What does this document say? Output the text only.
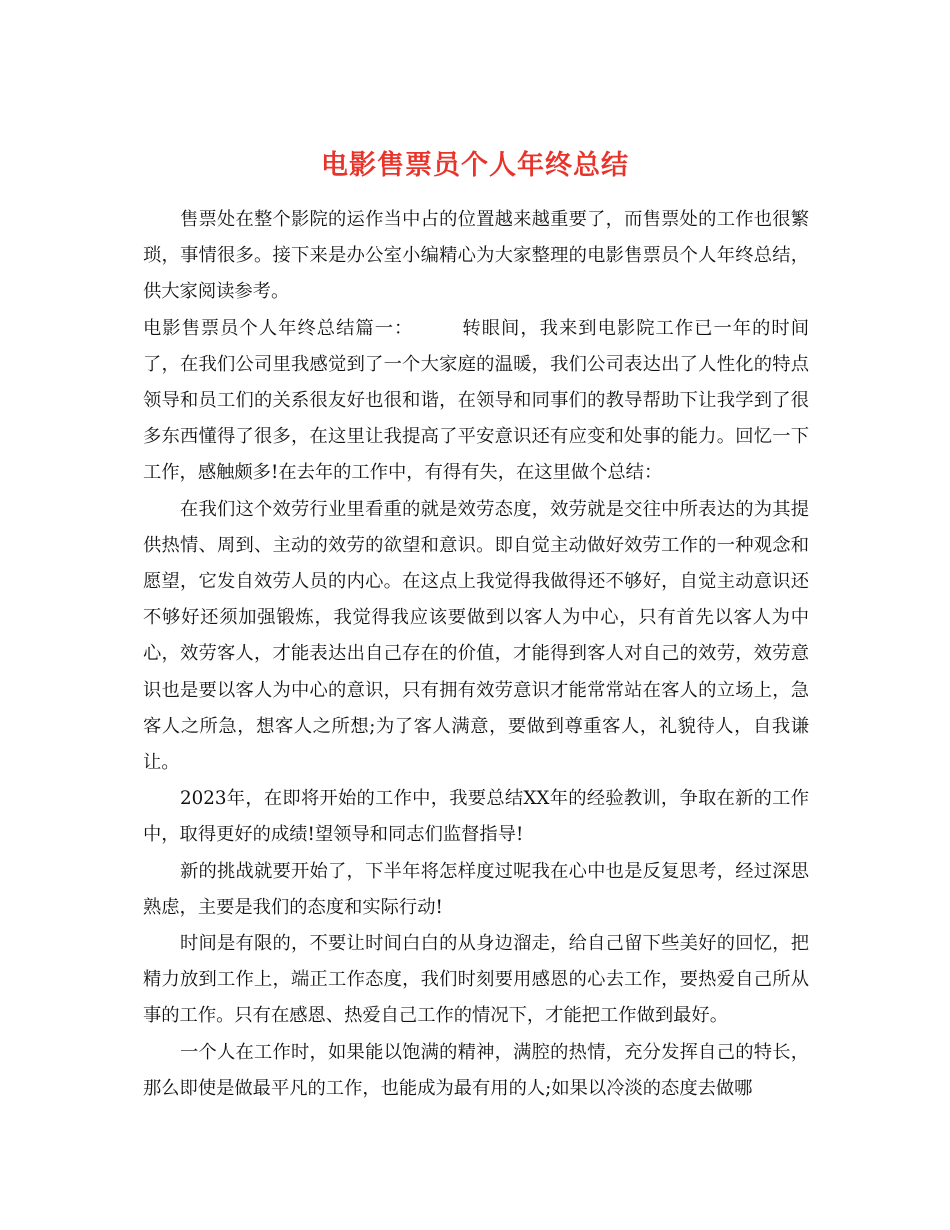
电影售票员个人年终总结

售票处在整个影院的运作当中占的位置越来越重要了，而售票处的工作也很繁琐，事情很多。接下来是办公室小编精心为大家整理的电影售票员个人年终总结，供大家阅读参考。

电影售票员个人年终总结篇一：	转眼间，我来到电影院工作已一年的时间了，在我们公司里我感觉到了一个大家庭的温暖，我们公司表达出了人性化的特点领导和员工们的关系很友好也很和谐，在领导和同事们的教导帮助下让我学到了很多东西懂得了很多，在这里让我提高了平安意识还有应变和处事的能力。回忆一下工作，感触颇多!在去年的工作中，有得有失，在这里做个总结：

在我们这个效劳行业里看重的就是效劳态度，效劳就是交往中所表达的为其提供热情、周到、主动的效劳的欲望和意识。即自觉主动做好效劳工作的一种观念和愿望，它发自效劳人员的内心。在这点上我觉得我做得还不够好，自觉主动意识还不够好还须加强锻炼，我觉得我应该要做到以客人为中心，只有首先以客人为中心，效劳客人，才能表达出自己存在的价值，才能得到客人对自己的效劳，效劳意识也是要以客人为中心的意识，只有拥有效劳意识才能常常站在客人的立场上，急客人之所急，想客人之所想;为了客人满意，要做到尊重客人，礼貌待人，自我谦让。

2023年，在即将开始的工作中，我要总结XX年的经验教训，争取在新的工作中，取得更好的成绩!望领导和同志们监督指导!

新的挑战就要开始了，下半年将怎样度过呢我在心中也是反复思考，经过深思熟虑，主要是我们的态度和实际行动!

时间是有限的，不要让时间白白的从身边溜走，给自己留下些美好的回忆，把精力放到工作上，端正工作态度，我们时刻要用感恩的心去工作，要热爱自己所从事的工作。只有在感恩、热爱自己工作的情况下，才能把工作做到最好。

一个人在工作时，如果能以饱满的精神，满腔的热情，充分发挥自己的特长，那么即使是做最平凡的工作，也能成为最有用的人;如果以冷淡的态度去做哪
